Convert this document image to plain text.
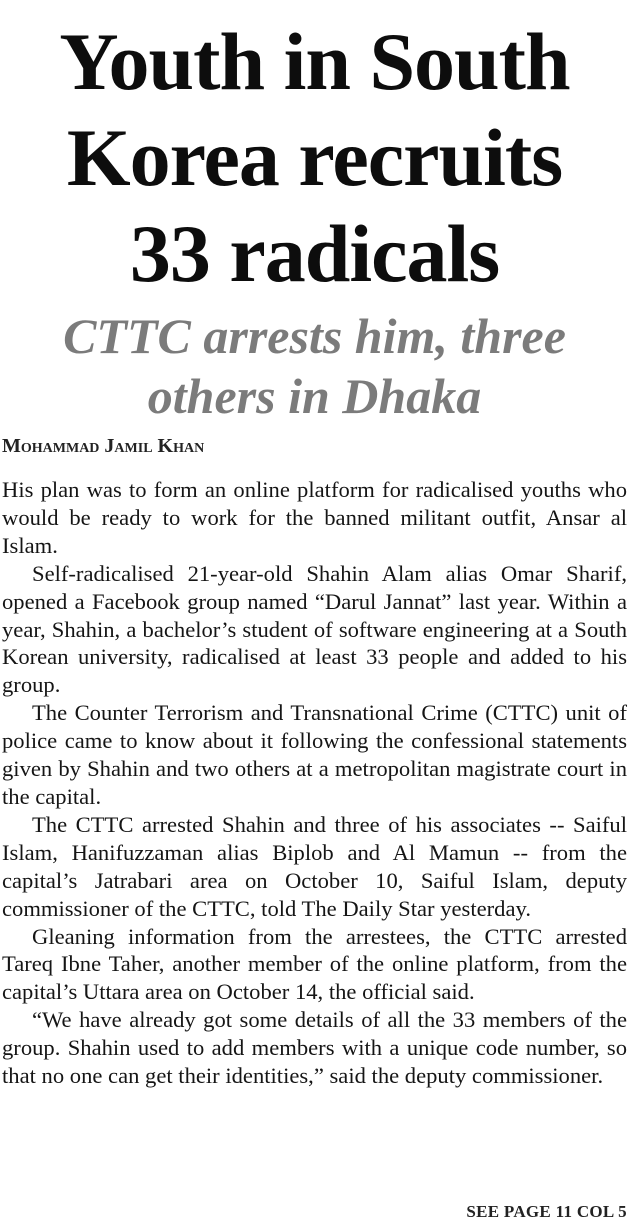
Youth in South
Korea recruits
33 radicals
CTTC arrests him, three
others in Dhaka
Mohammad Jamil Khan

His plan was to form an online platform for radicalised youths who would be ready to work for the banned militant outfit, Ansar al Islam.

Self-radicalised 21-year-old Shahin Alam alias Omar Sharif, opened a Facebook group named “Darul Jannat” last year. Within a year, Shahin, a bachelor’s student of software engineering at a South Korean university, radicalised at least 33 people and added to his group.

The Counter Terrorism and Transnational Crime (CTTC) unit of police came to know about it following the confessional statements given by Shahin and two others at a metropolitan magistrate court in the capital.

The CTTC arrested Shahin and three of his associates -- Saiful Islam, Hanifuzzaman alias Biplob and Al Mamun -- from the capital’s Jatrabari area on October 10, Saiful Islam, deputy commissioner of the CTTC, told The Daily Star yesterday.

Gleaning information from the arrestees, the CTTC arrested Tareq Ibne Taher, another member of the online platform, from the capital’s Uttara area on October 14, the official said.

“We have already got some details of all the 33 members of the group. Shahin used to add members with a unique code number, so that no one can get their identities,” said the deputy commissioner.

SEE PAGE 11 COL 5
